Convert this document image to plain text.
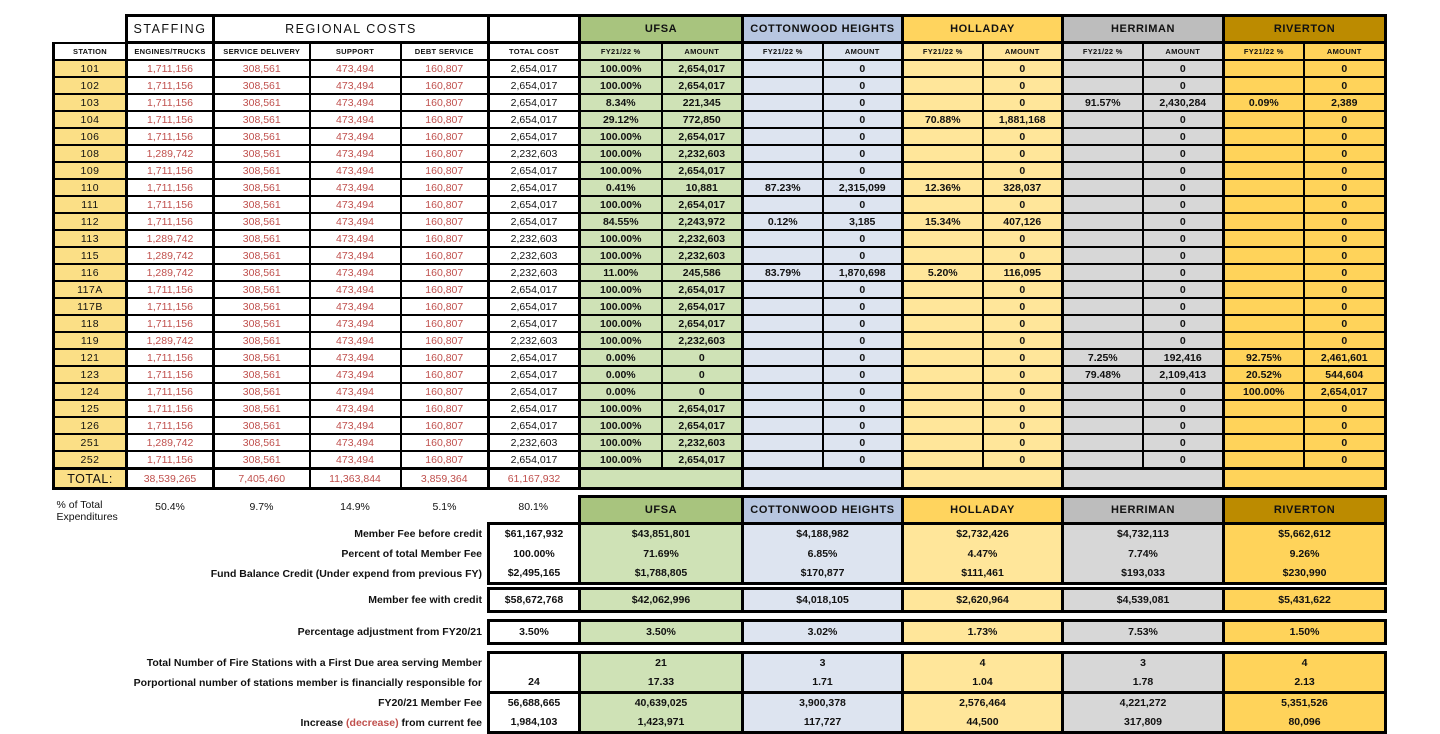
	STAFFING	REGIONAL COSTS				UFSA		COTTONWOOD HEIGHTS		HOLLADAY		HERRIMAN		RIVERTON	
STATION	ENGINES/TRUCKS	SERVICE DELIVERY	SUPPORT	DEBT SERVICE	TOTAL COST	FY21/22 %	AMOUNT	FY21/22 %	AMOUNT	FY21/22 %	AMOUNT	FY21/22 %	AMOUNT	FY21/22 %	AMOUNT
101	1,711,156	308,561	473,494	160,807	2,654,017	100.00%	2,654,017		0		0		0		0
102	1,711,156	308,561	473,494	160,807	2,654,017	100.00%	2,654,017		0		0		0		0
103	1,711,156	308,561	473,494	160,807	2,654,017	8.34%	221,345		0		0	91.57%	2,430,284	0.09%	2,389
104	1,711,156	308,561	473,494	160,807	2,654,017	29.12%	772,850		0	70.88%	1,881,168		0		0
106	1,711,156	308,561	473,494	160,807	2,654,017	100.00%	2,654,017		0		0		0		0
108	1,289,742	308,561	473,494	160,807	2,232,603	100.00%	2,232,603		0		0		0		0
109	1,711,156	308,561	473,494	160,807	2,654,017	100.00%	2,654,017		0		0		0		0
110	1,711,156	308,561	473,494	160,807	2,654,017	0.41%	10,881	87.23%	2,315,099	12.36%	328,037		0		0
111	1,711,156	308,561	473,494	160,807	2,654,017	100.00%	2,654,017		0		0		0		0
112	1,711,156	308,561	473,494	160,807	2,654,017	84.55%	2,243,972	0.12%	3,185	15.34%	407,126		0		0
113	1,289,742	308,561	473,494	160,807	2,232,603	100.00%	2,232,603		0		0		0		0
115	1,289,742	308,561	473,494	160,807	2,232,603	100.00%	2,232,603		0		0		0		0
116	1,289,742	308,561	473,494	160,807	2,232,603	11.00%	245,586	83.79%	1,870,698	5.20%	116,095		0		0
117A	1,711,156	308,561	473,494	160,807	2,654,017	100.00%	2,654,017		0		0		0		0
117B	1,711,156	308,561	473,494	160,807	2,654,017	100.00%	2,654,017		0		0		0		0
118	1,711,156	308,561	473,494	160,807	2,654,017	100.00%	2,654,017		0		0		0		0
119	1,289,742	308,561	473,494	160,807	2,232,603	100.00%	2,232,603		0		0		0		0
121	1,711,156	308,561	473,494	160,807	2,654,017	0.00%	0		0		0	7.25%	192,416	92.75%	2,461,601
123	1,711,156	308,561	473,494	160,807	2,654,017	0.00%	0		0		0	79.48%	2,109,413	20.52%	544,604
124	1,711,156	308,561	473,494	160,807	2,654,017	0.00%	0		0		0		0	100.00%	2,654,017
125	1,711,156	308,561	473,494	160,807	2,654,017	100.00%	2,654,017		0		0		0		0
126	1,711,156	308,561	473,494	160,807	2,654,017	100.00%	2,654,017		0		0		0		0
251	1,289,742	308,561	473,494	160,807	2,232,603	100.00%	2,232,603		0		0		0		0
252	1,711,156	308,561	473,494	160,807	2,654,017	100.00%	2,654,017		0		0		0		0
TOTAL:	38,539,265	7,405,460	11,363,844	3,859,364	61,167,932										

% of Total Expenditures	50.4%	9.7%	14.9%	5.1%	80.1%	UFSA		COTTONWOOD HEIGHTS		HOLLADAY		HERRIMAN		RIVERTON	
Member Fee before credit					$61,167,932	$43,851,801		$4,188,982		$2,732,426		$4,732,113		$5,662,612	
Percent of total Member Fee					100.00%	71.69%		6.85%		4.47%		7.74%		9.26%	
Fund Balance Credit (Under expend from previous FY)					$2,495,165	$1,788,805		$170,877		$111,461		$193,033		$230,990	

Member fee with credit					$58,672,768	$42,062,996		$4,018,105		$2,620,964		$4,539,081		$5,431,622	

Percentage adjustment from FY20/21					3.50%	3.50%		3.02%		1.73%		7.53%		1.50%	

Total Number of Fire Stations with a First Due area serving Member						21		3		4		3		4	
Porportional number of stations member is financially responsible for					24	17.33		1.71		1.04		1.78		2.13	
FY20/21 Member Fee					56,688,665	40,639,025		3,900,378		2,576,464		4,221,272		5,351,526	
Increase (decrease) from current fee					1,984,103	1,423,971		117,727		44,500		317,809		80,096	
